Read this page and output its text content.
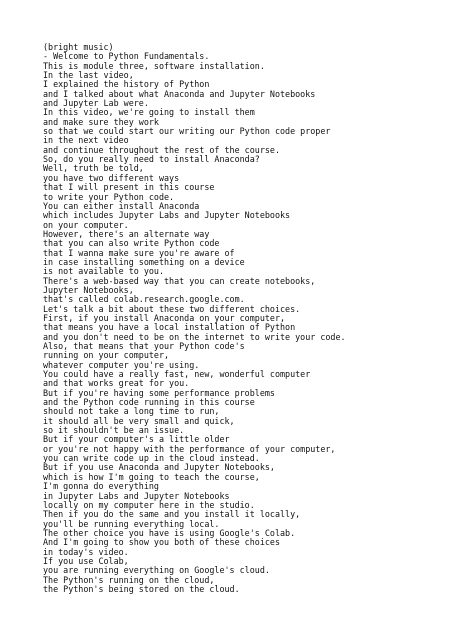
(bright music)

- Welcome to Python Fundamentals.

This is module three, software installation.

In the last video,

I explained the history of Python

and I talked about what Anaconda and Jupyter Notebooks

and Jupyter Lab were.

In this video, we're going to install them

and make sure they work

so that we could start our writing our Python code proper

in the next video

and continue throughout the rest of the course.

So, do you really need to install Anaconda?

Well, truth be told,

you have two different ways

that I will present in this course

to write your Python code.

You can either install Anaconda

which includes Jupyter Labs and Jupyter Notebooks

on your computer.

However, there's an alternate way

that you can also write Python code

that I wanna make sure you're aware of

in case installing something on a device

is not available to you.

There's a web-based way that you can create notebooks,

Jupyter Notebooks,

that's called colab.research.google.com.

Let's talk a bit about these two different choices.

First, if you install Anaconda on your computer,

that means you have a local installation of Python

and you don't need to be on the internet to write your code.

Also, that means that your Python code's

running on your computer,

whatever computer you're using.

You could have a really fast, new, wonderful computer

and that works great for you.

But if you're having some performance problems

and the Python code running in this course

should not take a long time to run,

it should all be very small and quick,

so it shouldn't be an issue.

But if your computer's a little older

or you're not happy with the performance of your computer,

you can write code up in the cloud instead.

But if you use Anaconda and Jupyter Notebooks,

which is how I'm going to teach the course,

I'm gonna do everything

in Jupyter Labs and Jupyter Notebooks

locally on my computer here in the studio.

Then if you do the same and you install it locally,

you'll be running everything local.

The other choice you have is using Google's Colab.

And I'm going to show you both of these choices

in today's video.

If you use Colab,

you are running everything on Google's cloud.

The Python's running on the cloud,

the Python's being stored on the cloud.
